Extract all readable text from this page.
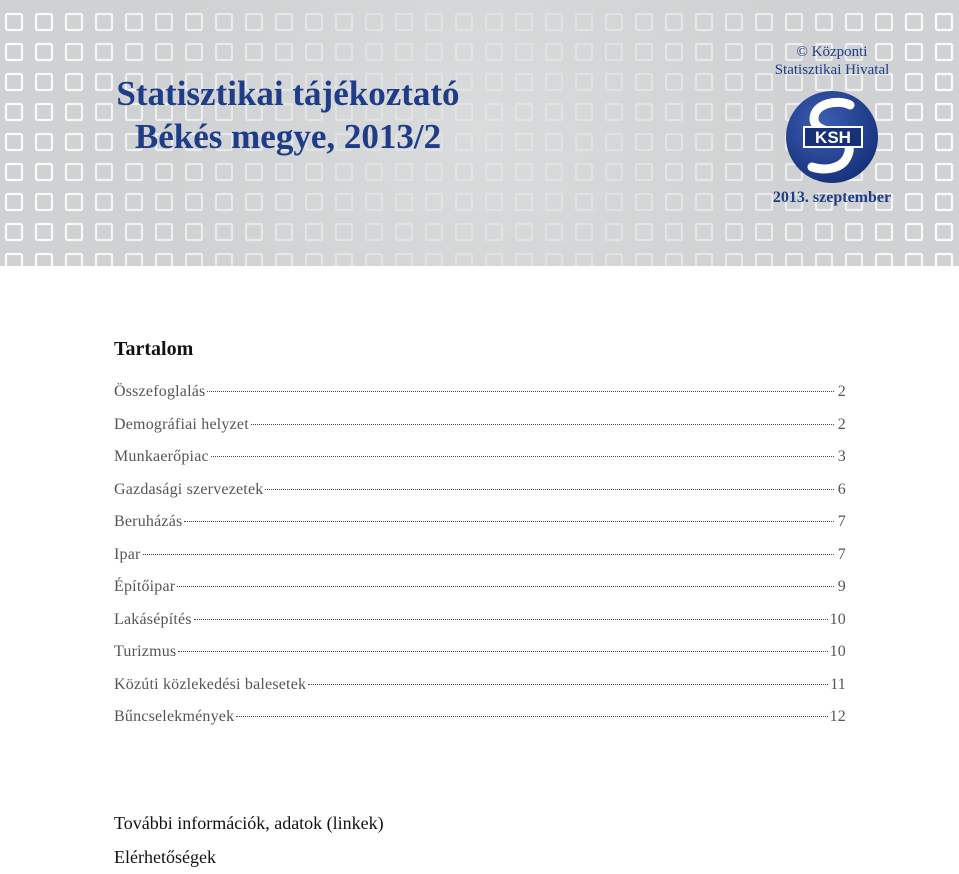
Statisztikai tájékoztató
Békés megye, 2013/2
© Központi
Statisztikai Hivatal
KSH
2013. szeptember
Tartalom
Összefoglalás	2
Demográfiai helyzet	2
Munkaerőpiac	3
Gazdasági szervezetek	6
Beruházás	7
Ipar	7
Építőipar	9
Lakásépítés	10
Turizmus	10
Közúti közlekedési balesetek	11
Bűncselekmények	12
További információk, adatok (linkek)
Elérhetőségek
